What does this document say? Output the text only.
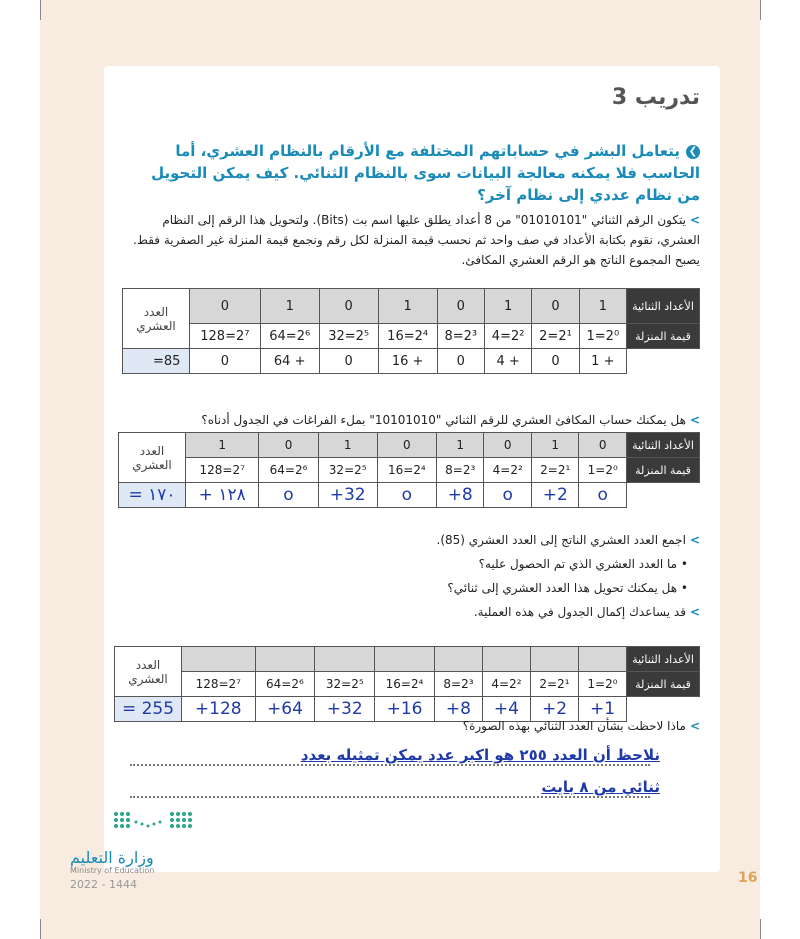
تدريب 3
❯يتعامل البشر في حساباتهم المختلفة مع الأرقام بالنظام العشري، أما الحاسب فلا يمكنه معالجة البيانات سوى بالنظام الثنائي. كيف يمكن التحويل من نظام عددي إلى نظام آخر؟
>يتكون الرقم الثنائي "01010101" من 8 أعداد يطلق عليها اسم بت (Bits). ولتحويل هذا الرقم إلى النظام العشري، نقوم بكتابة الأعداد في صف واحد ثم نحسب قيمة المنزلة لكل رقم ونجمع قيمة المنزلة غير الصفرية فقط. يصبح المجموع الناتج هو الرقم العشري المكافئ.
الأعداد الثنائية	1	0	1	0	1	0	1	0	العدد العشري
قيمة المنزلة	2⁰=1	2¹=2	2²=4	2³=8	2⁴=16	2⁵=32	2⁶=64	2⁷=128	
	+ 1	0	+ 4	0	+ 16	0	+ 64	0	85=
>هل يمكنك حساب المكافئ العشري للرقم الثنائي "10101010" بملء الفراغات في الجدول أدناه؟
الأعداد الثنائية	0	1	0	1	0	1	0	1	العدد العشري
قيمة المنزلة	2⁰=1	2¹=2	2²=4	2³=8	2⁴=16	2⁵=32	2⁶=64	2⁷=128	
	o	2+	o	8+	o	32+	o	١٢٨ +	١٧٠ =
>اجمع العدد العشري الناتج إلى العدد العشري (85).
• ما العدد العشري الذي تم الحصول عليه؟
• هل يمكنك تحويل هذا العدد العشري إلى ثنائي؟
>قد يساعدك إكمال الجدول في هذه العملية.
الأعداد الثنائية									العدد العشري
قيمة المنزلة	2⁰=1	2¹=2	2²=4	2³=8	2⁴=16	2⁵=32	2⁶=64	2⁷=128	
	1+	2+	4+	8+	16+	32+	64+	128+	255 =
>ماذا لاحظت بشأن العدد الثنائي بهذه الصورة؟
نلاحظ أن العدد ٢٥٥ هو اكبر عدد يمكن تمثيله بعدد
ثنائي من ٨ بايت
وزارة التعليم
Ministry of Education
2022 - 1444	16
